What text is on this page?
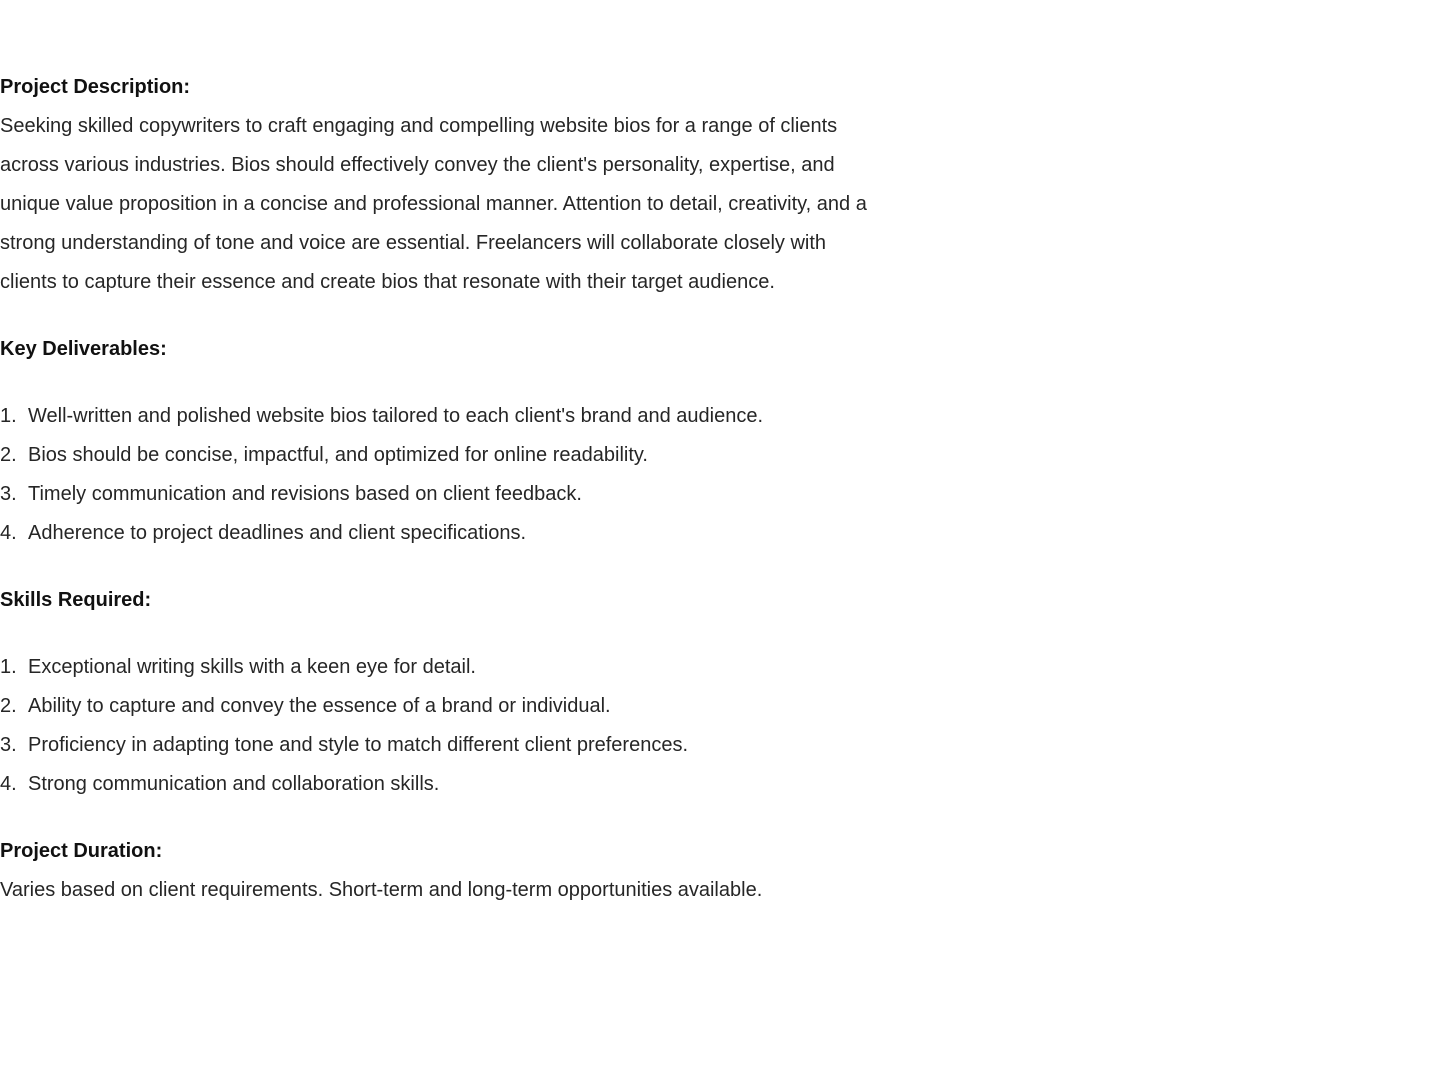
Project Description:
Seeking skilled copywriters to craft engaging and compelling website bios for a range of clients
across various industries. Bios should effectively convey the client's personality, expertise, and
unique value proposition in a concise and professional manner. Attention to detail, creativity, and a
strong understanding of tone and voice are essential. Freelancers will collaborate closely with
clients to capture their essence and create bios that resonate with their target audience.
Key Deliverables:
1. Well-written and polished website bios tailored to each client's brand and audience.
2. Bios should be concise, impactful, and optimized for online readability.
3. Timely communication and revisions based on client feedback.
4. Adherence to project deadlines and client specifications.
Skills Required:
1. Exceptional writing skills with a keen eye for detail.
2. Ability to capture and convey the essence of a brand or individual.
3. Proficiency in adapting tone and style to match different client preferences.
4. Strong communication and collaboration skills.
Project Duration:
Varies based on client requirements. Short-term and long-term opportunities available.
